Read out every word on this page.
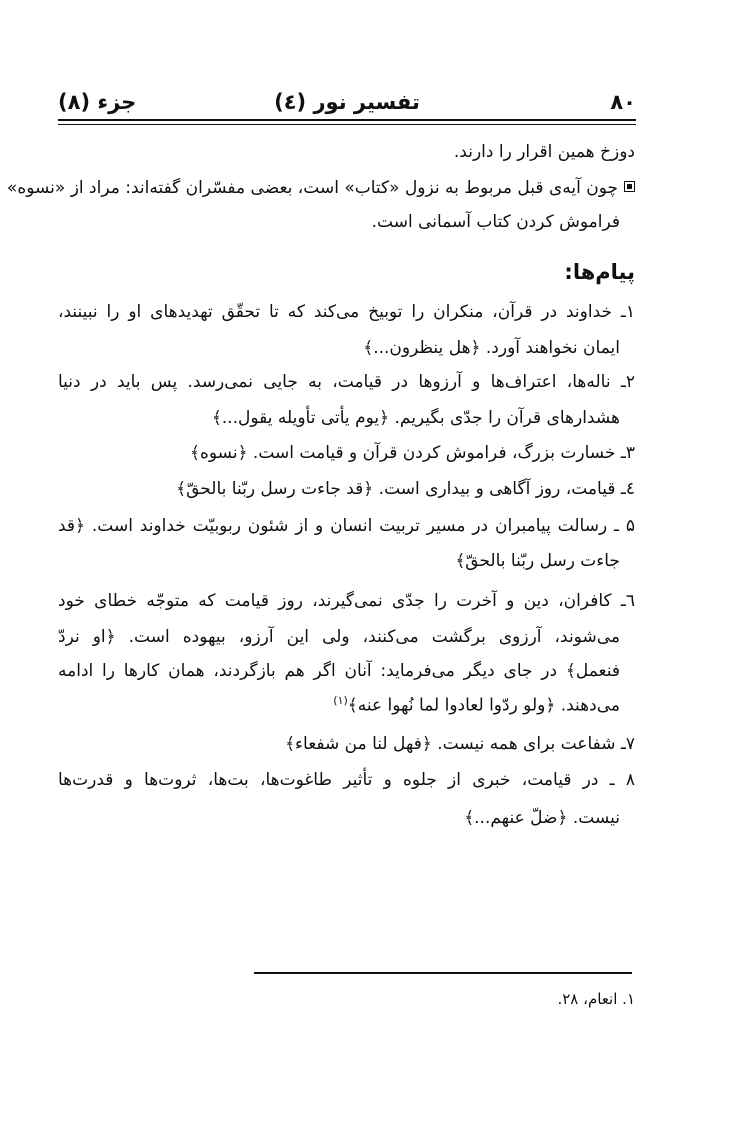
۸۰
تفسیر نور (٤)
جزء (۸)
دوزخ همین اقرار را دارند.
چون آیه‌ی قبل مربوط به نزول «کتاب» است، بعضی مفسّران گفته‌اند: مراد از «نسوه»
فراموش کردن کتاب آسمانی است.
پیام‌ها:
۱ـ خداوند در قرآن، منکران را توبیخ می‌کند که تا تحقّق تهدیدهای او را نبینند،
ایمان نخواهند آورد. ﴿هل ینظرون...﴾
۲ـ ناله‌ها، اعتراف‌ها و آرزوها در قیامت، به جایی نمی‌رسد. پس باید در دنیا
هشدارهای قرآن را جدّی بگیریم. ﴿یوم یأتی تأویله یقول...﴾
۳ـ خسارت بزرگ، فراموش کردن قرآن و قیامت است. ﴿نسوه﴾
٤ـ قیامت، روز آگاهی و بیداری است. ﴿قد جاءت رسل ربّنا بالحقّ﴾
۵ ـ رسالت پیامبران در مسیر تربیت انسان و از شئون ربوبیّت خداوند است. ﴿قد
جاءت رسل ربّنا بالحقّ﴾
٦ـ کافران، دین و آخرت را جدّی نمی‌گیرند، روز قیامت که متوجّه خطای خود
می‌شوند، آرزوی برگشت می‌کنند، ولی این آرزو، بیهوده است. ﴿او نردّ
فنعمل﴾ در جای دیگر می‌فرماید: آنان اگر هم بازگردند، همان کارها را ادامه
می‌دهند. ﴿ولو ردّوا لعادوا لما نُهوا عنه﴾$^{(۱)}$
۷ـ شفاعت برای همه نیست. ﴿فهل لنا من شفعاء﴾
۸ ـ در قیامت، خبری از جلوه و تأثیر طاغوت‌ها، بت‌ها، ثروت‌ها و قدرت‌ها
نیست. ﴿ضلّ عنهم...﴾
۱. انعام، ۲۸.
